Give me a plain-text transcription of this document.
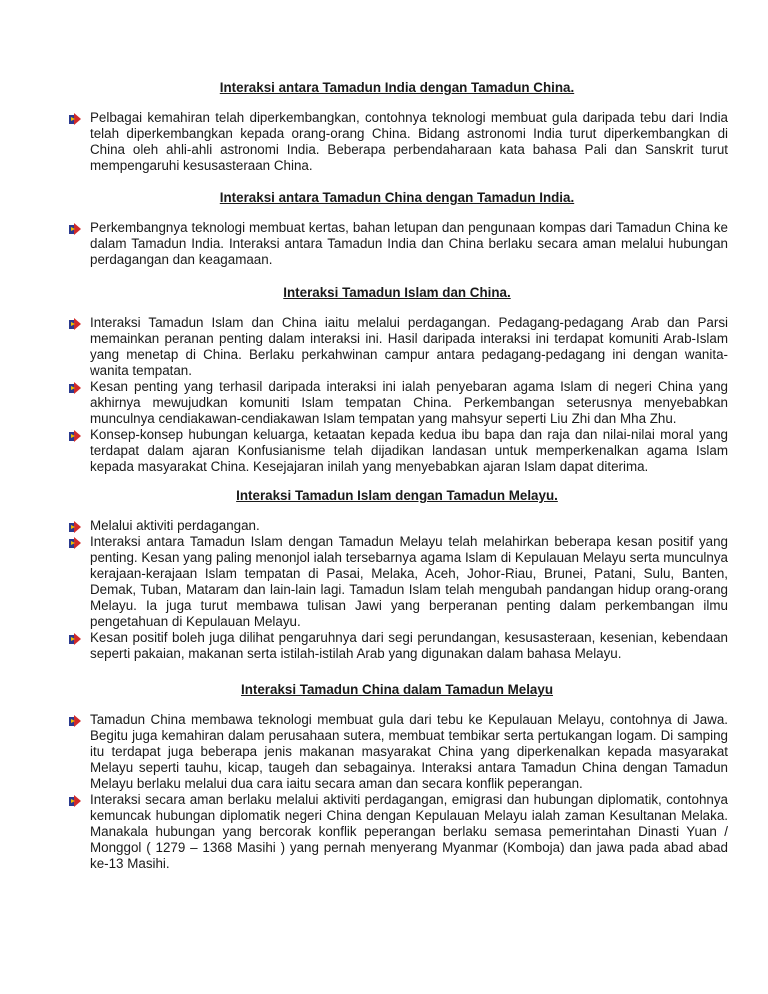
Interaksi antara Tamadun India dengan Tamadun China.

Pelbagai kemahiran telah diperkembangkan, contohnya teknologi membuat gula daripada tebu dari India telah diperkembangkan kepada orang-orang China. Bidang astronomi India turut diperkembangkan di China oleh ahli-ahli astronomi India. Beberapa perbendaharaan kata bahasa Pali dan Sanskrit turut mempengaruhi kesusasteraan China.

Interaksi antara Tamadun China dengan Tamadun India.

Perkembangnya teknologi membuat kertas, bahan letupan dan pengunaan kompas dari Tamadun China ke dalam Tamadun India. Interaksi antara Tamadun India dan China berlaku secara aman melalui hubungan perdagangan dan keagamaan.

Interaksi Tamadun Islam dan China.

Interaksi Tamadun Islam dan China iaitu melalui perdagangan. Pedagang-pedagang Arab dan Parsi memainkan peranan penting dalam interaksi ini. Hasil daripada interaksi ini terdapat komuniti Arab-Islam yang menetap di China. Berlaku perkahwinan campur antara pedagang-pedagang ini dengan wanita-wanita tempatan.

Kesan penting yang terhasil daripada interaksi ini ialah penyebaran agama Islam di negeri China yang akhirnya mewujudkan komuniti Islam tempatan China. Perkembangan seterusnya menyebabkan munculnya cendiakawan-cendiakawan Islam tempatan yang mahsyur seperti Liu Zhi dan Mha Zhu.

Konsep-konsep hubungan keluarga, ketaatan kepada kedua ibu bapa dan raja dan nilai-nilai moral yang terdapat dalam ajaran Konfusianisme telah dijadikan landasan untuk memperkenalkan agama Islam kepada masyarakat China. Kesejajaran inilah yang menyebabkan ajaran Islam dapat diterima.

Interaksi Tamadun Islam dengan Tamadun Melayu.

Melalui aktiviti perdagangan.

Interaksi antara Tamadun Islam dengan Tamadun Melayu telah melahirkan beberapa kesan positif yang penting. Kesan yang paling menonjol ialah tersebarnya agama Islam di Kepulauan Melayu serta munculnya kerajaan-kerajaan Islam tempatan di Pasai, Melaka, Aceh, Johor-Riau, Brunei, Patani, Sulu, Banten, Demak, Tuban, Mataram dan lain-lain lagi. Tamadun Islam telah mengubah pandangan hidup orang-orang Melayu. Ia juga turut membawa tulisan Jawi yang berperanan penting dalam perkembangan ilmu pengetahuan di Kepulauan Melayu.

Kesan positif boleh juga dilihat pengaruhnya dari segi perundangan, kesusasteraan, kesenian, kebendaan seperti pakaian, makanan serta istilah-istilah Arab yang digunakan dalam bahasa Melayu.

Interaksi Tamadun China dalam Tamadun Melayu

Tamadun China membawa teknologi membuat gula dari tebu ke Kepulauan Melayu, contohnya di Jawa. Begitu juga kemahiran dalam perusahaan sutera, membuat tembikar serta pertukangan logam. Di samping itu terdapat juga beberapa jenis makanan masyarakat China yang diperkenalkan kepada masyarakat Melayu seperti tauhu, kicap, taugeh dan sebagainya. Interaksi antara Tamadun China dengan Tamadun Melayu berlaku melalui dua cara iaitu secara aman dan secara konflik peperangan.

Interaksi secara aman berlaku melalui aktiviti perdagangan, emigrasi dan hubungan diplomatik, contohnya kemuncak hubungan diplomatik negeri China dengan Kepulauan Melayu ialah zaman Kesultanan Melaka. Manakala hubungan yang bercorak konflik peperangan berlaku semasa pemerintahan Dinasti Yuan / Monggol ( 1279 – 1368 Masihi ) yang pernah menyerang Myanmar (Komboja) dan jawa pada abad abad ke-13 Masihi.
